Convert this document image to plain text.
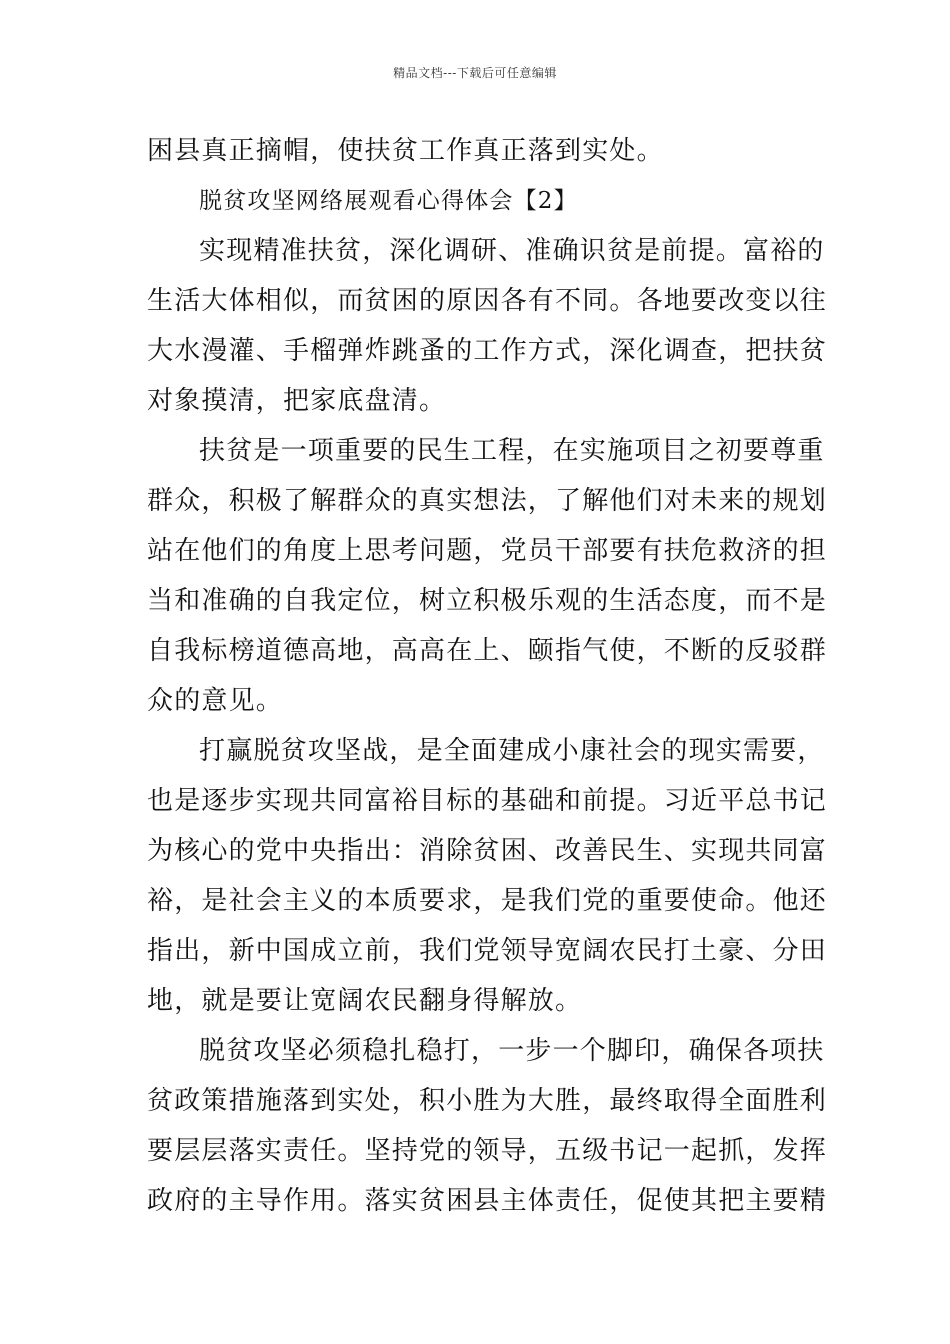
精品文档---下载后可任意编辑
困县真正摘帽，使扶贫工作真正落到实处。
脱贫攻坚网络展观看心得体会【2】
实现精准扶贫，深化调研、准确识贫是前提。富裕的
生活大体相似，而贫困的原因各有不同。各地要改变以往
大水漫灌、手榴弹炸跳蚤的工作方式，深化调查，把扶贫
对象摸清，把家底盘清。
扶贫是一项重要的民生工程，在实施项目之初要尊重
群众，积极了解群众的真实想法，了解他们对未来的规划
站在他们的角度上思考问题，党员干部要有扶危救济的担
当和准确的自我定位，树立积极乐观的生活态度，而不是
自我标榜道德高地，高高在上、颐指气使，不断的反驳群
众的意见。
打赢脱贫攻坚战，是全面建成小康社会的现实需要，
也是逐步实现共同富裕目标的基础和前提。习近平总书记
为核心的党中央指出：消除贫困、改善民生、实现共同富
裕，是社会主义的本质要求，是我们党的重要使命。他还
指出，新中国成立前，我们党领导宽阔农民打土豪、分田
地，就是要让宽阔农民翻身得解放。
脱贫攻坚必须稳扎稳打，一步一个脚印，确保各项扶
贫政策措施落到实处，积小胜为大胜，最终取得全面胜利
要层层落实责任。坚持党的领导，五级书记一起抓，发挥
政府的主导作用。落实贫困县主体责任，促使其把主要精
